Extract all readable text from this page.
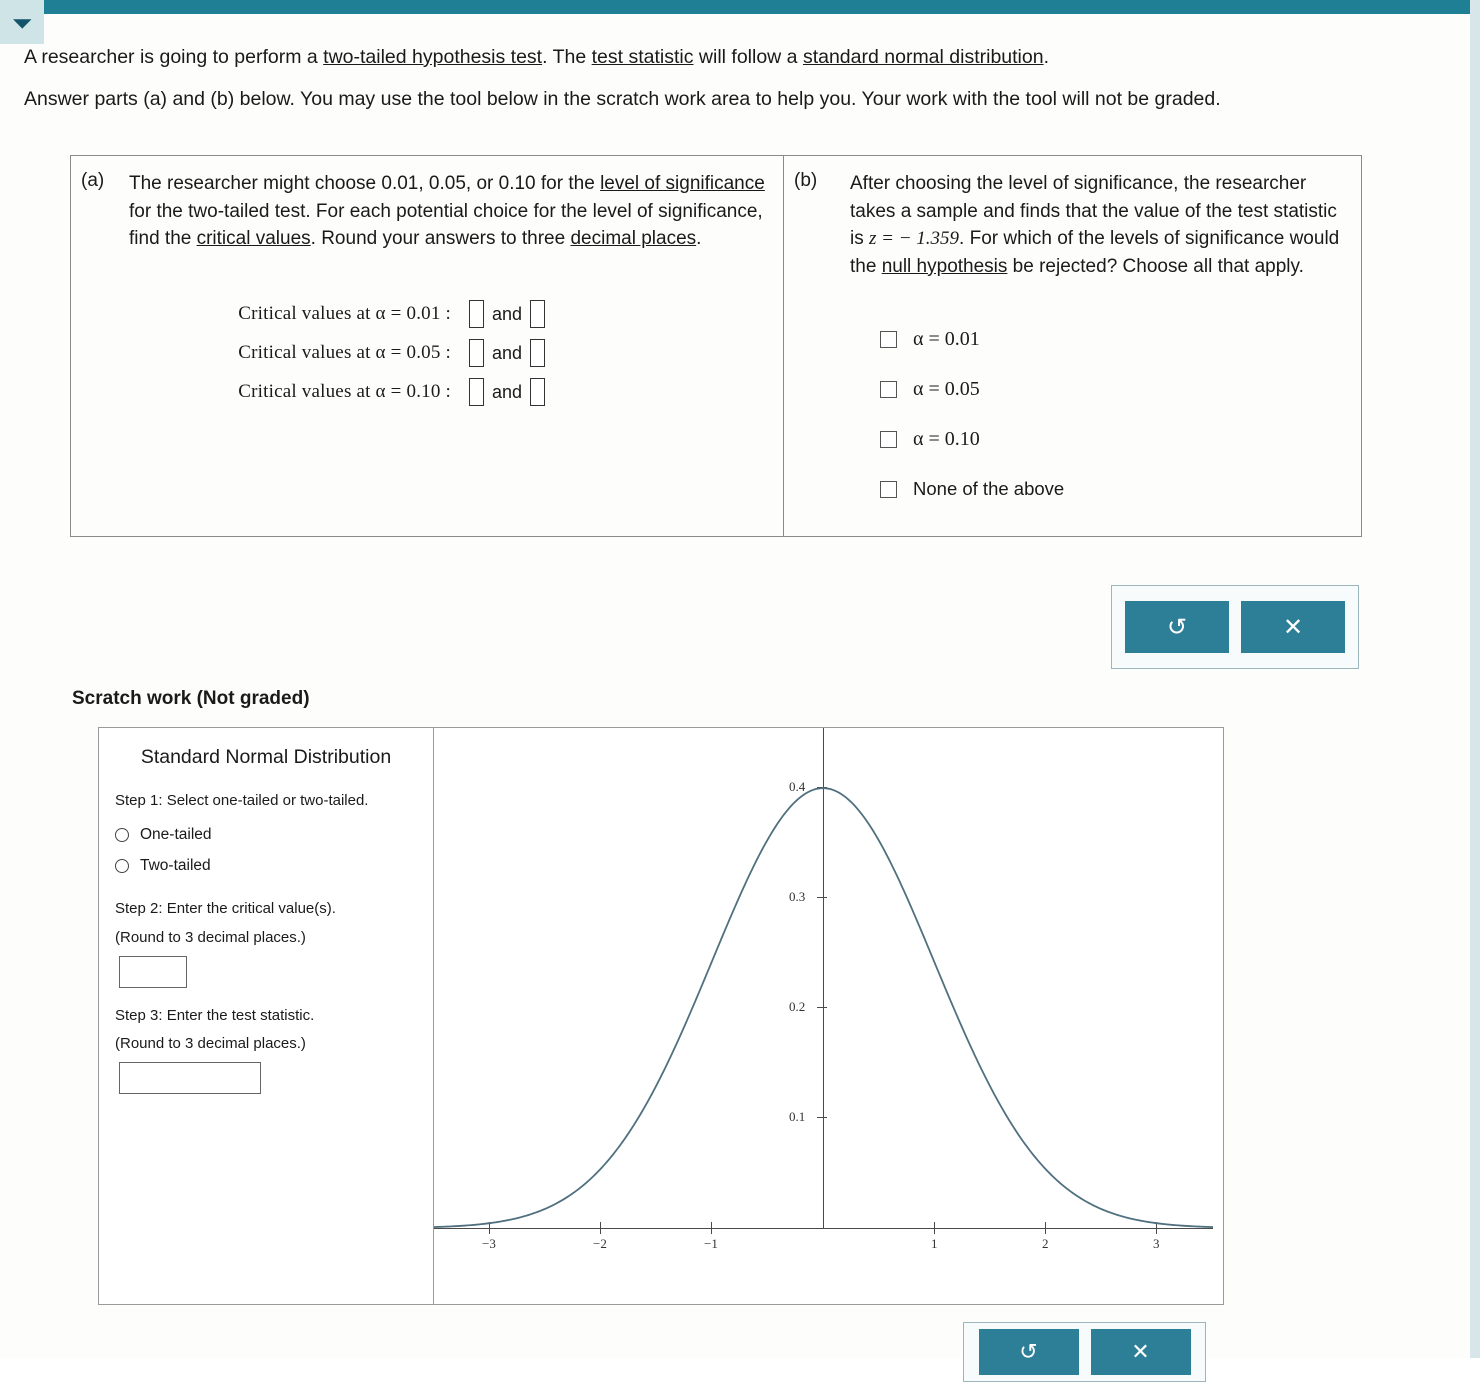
⏷

A researcher is going to perform a two-tailed hypothesis test. The test statistic will follow a standard normal distribution.

Answer parts (a) and (b) below. You may use the tool below in the scratch work area to help you. Your work with the tool will not be graded.

(a) The researcher might choose 0.01, 0.05, or 0.10 for the level of significance for the two-tailed test. For each potential choice for the level of significance, find the critical values. Round your answers to three decimal places.
Critical values at α = 0.01 :	and
Critical values at α = 0.05 :	and
Critical values at α = 0.10 :	and
(b) After choosing the level of significance, the researcher takes a sample and finds that the value of the test statistic is z = − 1.359. For which of the levels of significance would the null hypothesis be rejected? Choose all that apply.
α = 0.01
α = 0.05
α = 0.10
None of the above
↺	✕
Scratch work (Not graded)
Standard Normal Distribution
Step 1: Select one-tailed or two-tailed.
One-tailed
Two-tailed
Step 2: Enter the critical value(s).
(Round to 3 decimal places.)
Step 3: Enter the test statistic.
(Round to 3 decimal places.)
0.4
0.3
0.2
0.1
−3	−2	−1	1	2	3
↺	✕
